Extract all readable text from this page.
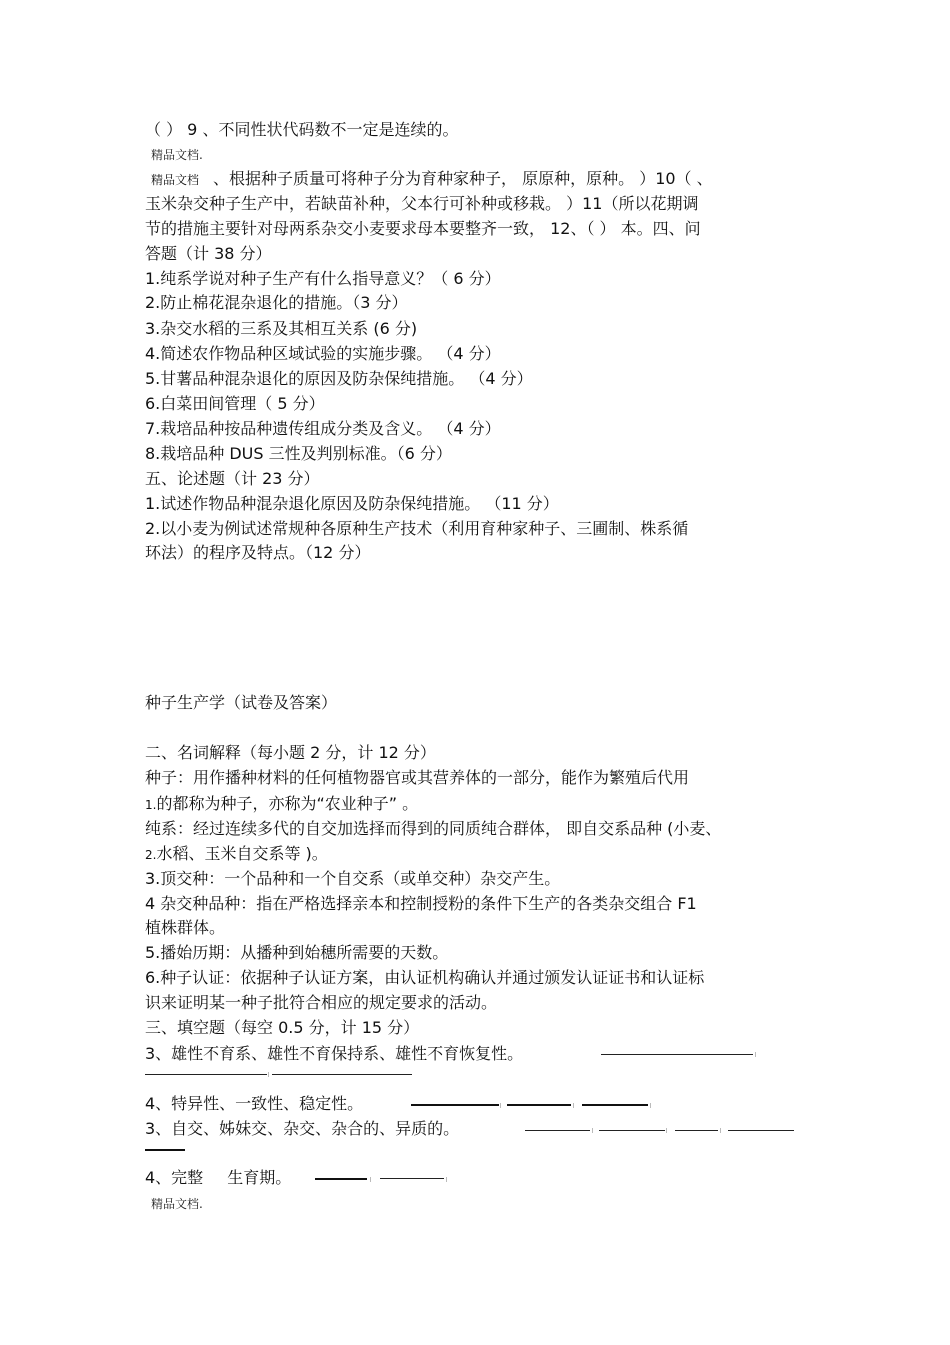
（ ） 9 、不同性状代码数不一定是连续的。
精品文档.
精品文档 、根据种子质量可将种子分为育种家种子， 原原种，原种。 ）10（ 、
玉米杂交种子生产中，若缺苗补种，父本行可补种或移栽。 ）11（所以花期调
节的措施主要针对母两系杂交小麦要求母本要整齐一致， 12、（ ） 本。四、问
答题（计 38 分）
1.纯系学说对种子生产有什么指导意义？（ 6 分）
2.防止棉花混杂退化的措施。（3 分）
3.杂交水稻的三系及其相互关系 (6 分)
4.简述农作物品种区域试验的实施步骤。 （4 分）
5.甘薯品种混杂退化的原因及防杂保纯措施。 （4 分）
6.白菜田间管理（ 5 分）
7.栽培品种按品种遗传组成分类及含义。 （4 分）
8.栽培品种 DUS 三性及判别标准。（6 分）
五、论述题（计 23 分）
1.试述作物品种混杂退化原因及防杂保纯措施。 （11 分）
2.以小麦为例试述常规种各原种生产技术（利用育种家种子、三圃制、株系循
环法）的程序及特点。（12 分）
种子生产学（试卷及答案）
二、名词解释（每小题 2 分，计 12 分）
种子：用作播种材料的任何植物器官或其营养体的一部分，能作为繁殖后代用
1.的都称为种子，亦称为“农业种子” 。
纯系：经过连续多代的自交加选择而得到的同质纯合群体， 即自交系品种 (小麦、
2.水稻、玉米自交系等 )。
3.顶交种：一个品种和一个自交系（或单交种）杂交产生。
4 杂交种品种：指在严格选择亲本和控制授粉的条件下生产的各类杂交组合 F1
植株群体。
5.播始历期：从播种到始穗所需要的天数。
6.种子认证：依据种子认证方案，由认证机构确认并通过颁发认证证书和认证标
识来证明某一种子批符合相应的规定要求的活动。
三、填空题（每空 0.5 分，计 15 分）
3、雄性不育系、雄性不育保持系、雄性不育恢复性。
4、特异性、一致性、稳定性。
3、自交、姊妹交、杂交、杂合的、异质的。
4、完整 生育期。
精品文档.
